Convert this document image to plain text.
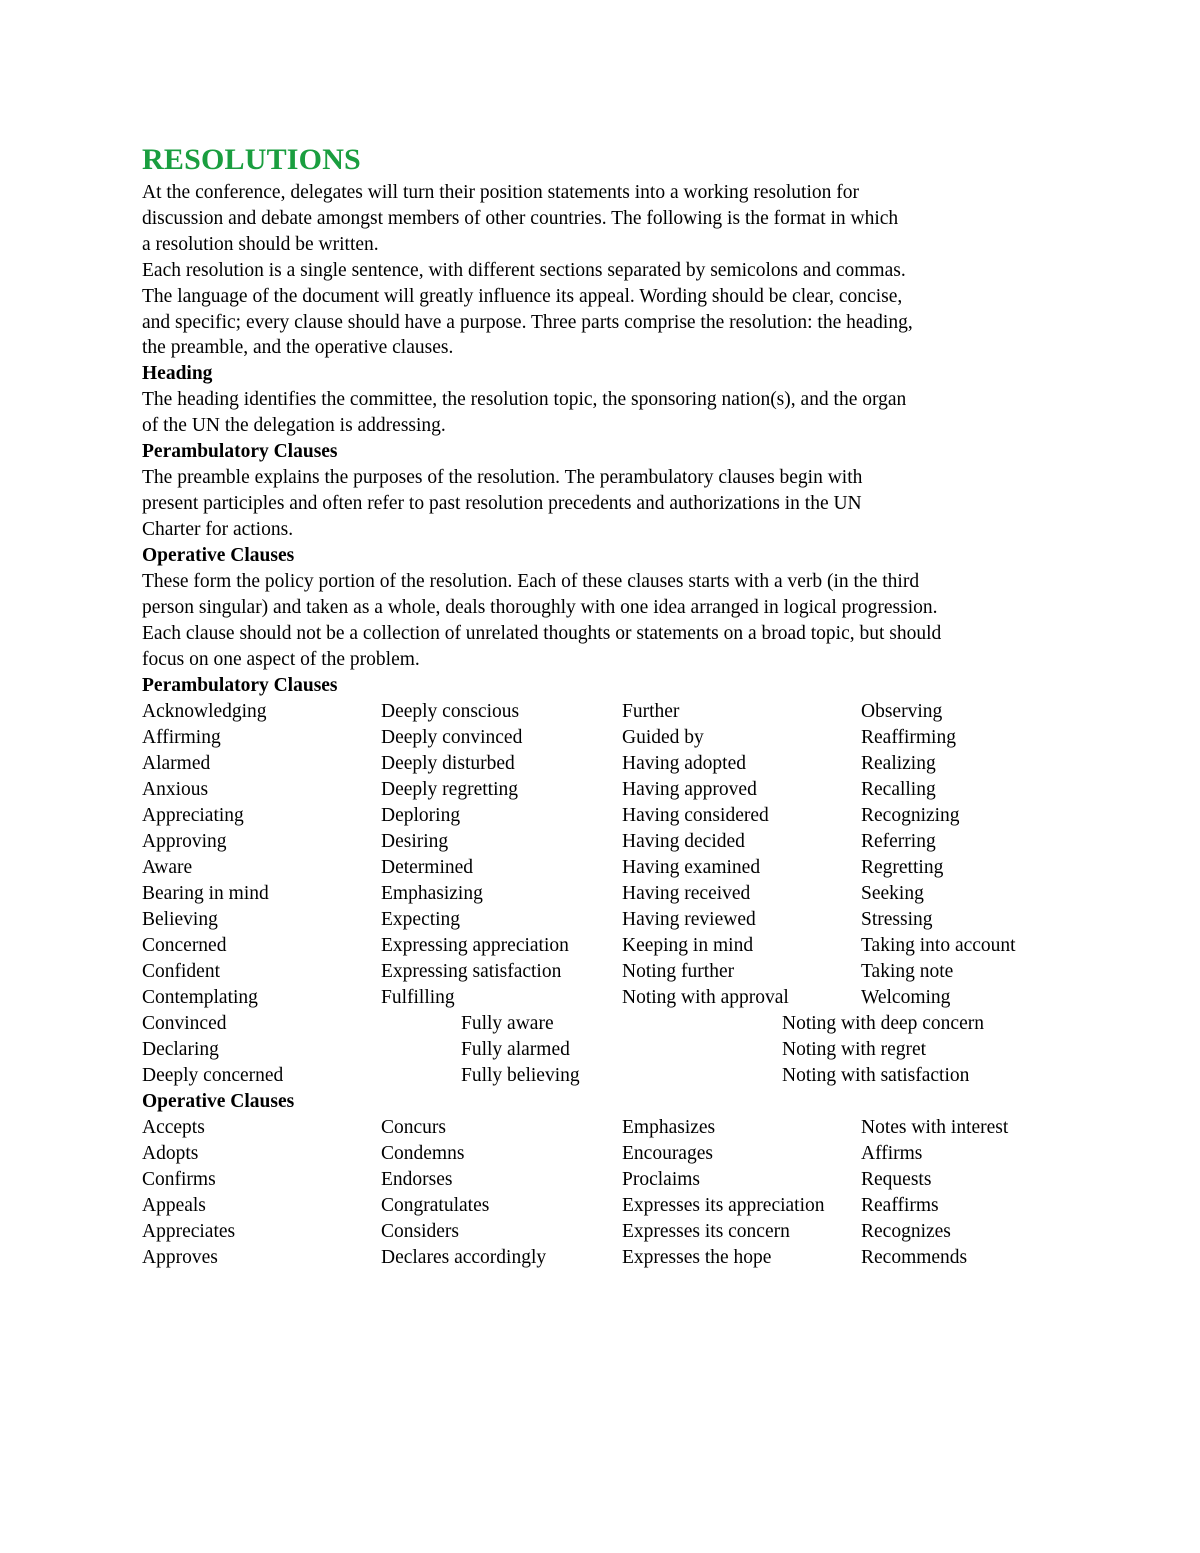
RESOLUTIONS

At the conference, delegates will turn their position statements into a working resolution for
discussion and debate amongst members of other countries. The following is the format in which
a resolution should be written.
Each resolution is a single sentence, with different sections separated by semicolons and commas.
The language of the document will greatly influence its appeal. Wording should be clear, concise,
and specific; every clause should have a purpose. Three parts comprise the resolution: the heading,
the preamble, and the operative clauses.

Heading

The heading identifies the committee, the resolution topic, the sponsoring nation(s), and the organ
of the UN the delegation is addressing.

Perambulatory Clauses

The preamble explains the purposes of the resolution. The perambulatory clauses begin with
present participles and often refer to past resolution precedents and authorizations in the UN
Charter for actions.

Operative Clauses

These form the policy portion of the resolution. Each of these clauses starts with a verb (in the third
person singular) and taken as a whole, deals thoroughly with one idea arranged in logical progression.
Each clause should not be a collection of unrelated thoughts or statements on a broad topic, but should
focus on one aspect of the problem.

Perambulatory Clauses
Acknowledging	Deeply conscious	Further	Observing
Affirming	Deeply convinced	Guided by	Reaffirming
Alarmed	Deeply disturbed	Having adopted	Realizing
Anxious	Deeply regretting	Having approved	Recalling
Appreciating	Deploring	Having considered	Recognizing
Approving	Desiring	Having decided	Referring
Aware	Determined	Having examined	Regretting
Bearing in mind	Emphasizing	Having received	Seeking
Believing	Expecting	Having reviewed	Stressing
Concerned	Expressing appreciation	Keeping in mind	Taking into account
Confident	Expressing satisfaction	Noting further	Taking note
Contemplating	Fulfilling	Noting with approval	Welcoming
Convinced	Fully aware	Noting with deep concern
Declaring	Fully alarmed	Noting with regret
Deeply concerned	Fully believing	Noting with satisfaction
Operative Clauses
Accepts	Concurs	Emphasizes	Notes with interest
Adopts	Condemns	Encourages	Affirms
Confirms	Endorses	Proclaims	Requests
Appeals	Congratulates	Expresses its appreciation	Reaffirms
Appreciates	Considers	Expresses its concern	Recognizes
Approves	Declares accordingly	Expresses the hope	Recommends
